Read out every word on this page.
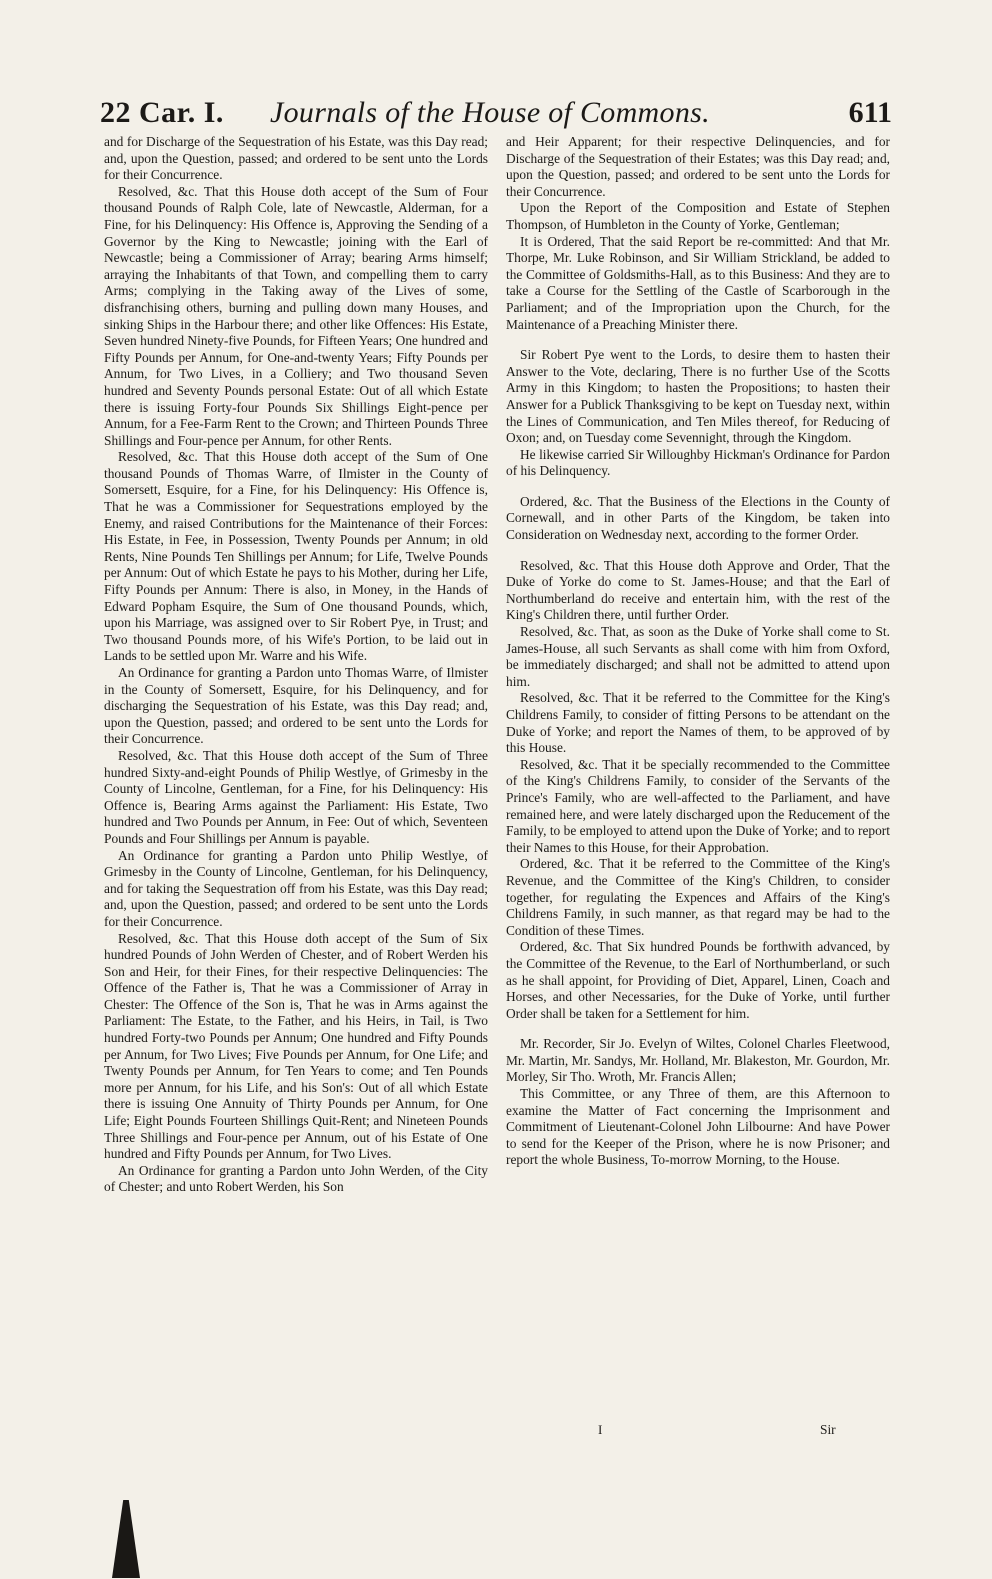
22 Car. I. Journals of the House of Commons.	611

and for Discharge of the Sequestration of his Estate, was this Day read; and, upon the Question, passed; and ordered to be sent unto the Lords for their Concurrence.

Resolved, &c. That this House doth accept of the Sum of Four thousand Pounds of Ralph Cole, late of Newcastle, Alderman, for a Fine, for his Delinquency: His Offence is, Approving the Sending of a Governor by the King to Newcastle; joining with the Earl of Newcastle; being a Commissioner of Array; bearing Arms himself; arraying the Inhabitants of that Town, and compelling them to carry Arms; complying in the Taking away of the Lives of some, disfranchising others, burning and pulling down many Houses, and sinking Ships in the Harbour there; and other like Offences: His Estate, Seven hundred Ninety-five Pounds, for Fifteen Years; One hundred and Fifty Pounds per Annum, for One-and-twenty Years; Fifty Pounds per Annum, for Two Lives, in a Colliery; and Two thousand Seven hundred and Seventy Pounds personal Estate: Out of all which Estate there is issuing Forty-four Pounds Six Shillings Eight-pence per Annum, for a Fee-Farm Rent to the Crown; and Thirteen Pounds Three Shillings and Four-pence per Annum, for other Rents.

Resolved, &c. That this House doth accept of the Sum of One thousand Pounds of Thomas Warre, of Ilmister in the County of Somersett, Esquire, for a Fine, for his Delinquency: His Offence is, That he was a Commissioner for Sequestrations employed by the Enemy, and raised Contributions for the Maintenance of their Forces: His Estate, in Fee, in Possession, Twenty Pounds per Annum; in old Rents, Nine Pounds Ten Shillings per Annum; for Life, Twelve Pounds per Annum: Out of which Estate he pays to his Mother, during her Life, Fifty Pounds per Annum: There is also, in Money, in the Hands of Edward Popham Esquire, the Sum of One thousand Pounds, which, upon his Marriage, was assigned over to Sir Robert Pye, in Trust; and Two thousand Pounds more, of his Wife's Portion, to be laid out in Lands to be settled upon Mr. Warre and his Wife.

An Ordinance for granting a Pardon unto Thomas Warre, of Ilmister in the County of Somersett, Esquire, for his Delinquency, and for discharging the Sequestration of his Estate, was this Day read; and, upon the Question, passed; and ordered to be sent unto the Lords for their Concurrence.

Resolved, &c. That this House doth accept of the Sum of Three hundred Sixty-and-eight Pounds of Philip Westlye, of Grimesby in the County of Lincolne, Gentleman, for a Fine, for his Delinquency: His Offence is, Bearing Arms against the Parliament: His Estate, Two hundred and Two Pounds per Annum, in Fee: Out of which, Seventeen Pounds and Four Shillings per Annum is payable.

An Ordinance for granting a Pardon unto Philip Westlye, of Grimesby in the County of Lincolne, Gentleman, for his Delinquency, and for taking the Sequestration off from his Estate, was this Day read; and, upon the Question, passed; and ordered to be sent unto the Lords for their Concurrence.

Resolved, &c. That this House doth accept of the Sum of Six hundred Pounds of John Werden of Chester, and of Robert Werden his Son and Heir, for their Fines, for their respective Delinquencies: The Offence of the Father is, That he was a Commissioner of Array in Chester: The Offence of the Son is, That he was in Arms against the Parliament: The Estate, to the Father, and his Heirs, in Tail, is Two hundred Forty-two Pounds per Annum; One hundred and Fifty Pounds per Annum, for Two Lives; Five Pounds per Annum, for One Life; and Twenty Pounds per Annum, for Ten Years to come; and Ten Pounds more per Annum, for his Life, and his Son's: Out of all which Estate there is issuing One Annuity of Thirty Pounds per Annum, for One Life; Eight Pounds Fourteen Shillings Quit-Rent; and Nineteen Pounds Three Shillings and Four-pence per Annum, out of his Estate of One hundred and Fifty Pounds per Annum, for Two Lives.

An Ordinance for granting a Pardon unto John Werden, of the City of Chester; and unto Robert Werden, his Son

and Heir Apparent; for their respective Delinquencies, and for Discharge of the Sequestration of their Estates; was this Day read; and, upon the Question, passed; and ordered to be sent unto the Lords for their Concurrence.

Upon the Report of the Composition and Estate of Stephen Thompson, of Humbleton in the County of Yorke, Gentleman;

It is Ordered, That the said Report be re-committed: And that Mr. Thorpe, Mr. Luke Robinson, and Sir William Strickland, be added to the Committee of Goldsmiths-Hall, as to this Business: And they are to take a Course for the Settling of the Castle of Scarborough in the Parliament; and of the Impropriation upon the Church, for the Maintenance of a Preaching Minister there.

Sir Robert Pye went to the Lords, to desire them to hasten their Answer to the Vote, declaring, There is no further Use of the Scotts Army in this Kingdom; to hasten the Propositions; to hasten their Answer for a Publick Thanksgiving to be kept on Tuesday next, within the Lines of Communication, and Ten Miles thereof, for Reducing of Oxon; and, on Tuesday come Sevennight, through the Kingdom.

He likewise carried Sir Willoughby Hickman's Ordinance for Pardon of his Delinquency.

Ordered, &c. That the Business of the Elections in the County of Cornewall, and in other Parts of the Kingdom, be taken into Consideration on Wednesday next, according to the former Order.

Resolved, &c. That this House doth Approve and Order, That the Duke of Yorke do come to St. James-House; and that the Earl of Northumberland do receive and entertain him, with the rest of the King's Children there, until further Order.

Resolved, &c. That, as soon as the Duke of Yorke shall come to St. James-House, all such Servants as shall come with him from Oxford, be immediately discharged; and shall not be admitted to attend upon him.

Resolved, &c. That it be referred to the Committee for the King's Childrens Family, to consider of fitting Persons to be attendant on the Duke of Yorke; and report the Names of them, to be approved of by this House.

Resolved, &c. That it be specially recommended to the Committee of the King's Childrens Family, to consider of the Servants of the Prince's Family, who are well-affected to the Parliament, and have remained here, and were lately discharged upon the Reducement of the Family, to be employed to attend upon the Duke of Yorke; and to report their Names to this House, for their Approbation.

Ordered, &c. That it be referred to the Committee of the King's Revenue, and the Committee of the King's Children, to consider together, for regulating the Expences and Affairs of the King's Childrens Family, in such manner, as that regard may be had to the Condition of these Times.

Ordered, &c. That Six hundred Pounds be forthwith advanced, by the Committee of the Revenue, to the Earl of Northumberland, or such as he shall appoint, for Providing of Diet, Apparel, Linen, Coach and Horses, and other Necessaries, for the Duke of Yorke, until further Order shall be taken for a Settlement for him.

Mr. Recorder, Sir Jo. Evelyn of Wiltes, Colonel Charles Fleetwood, Mr. Martin, Mr. Sandys, Mr. Holland, Mr. Blakeston, Mr. Gourdon, Mr. Morley, Sir Tho. Wroth, Mr. Francis Allen;

This Committee, or any Three of them, are this Afternoon to examine the Matter of Fact concerning the Imprisonment and Commitment of Lieutenant-Colonel John Lilbourne: And have Power to send for the Keeper of the Prison, where he is now Prisoner; and report the whole Business, To-morrow Morning, to the House.

I	Sir
